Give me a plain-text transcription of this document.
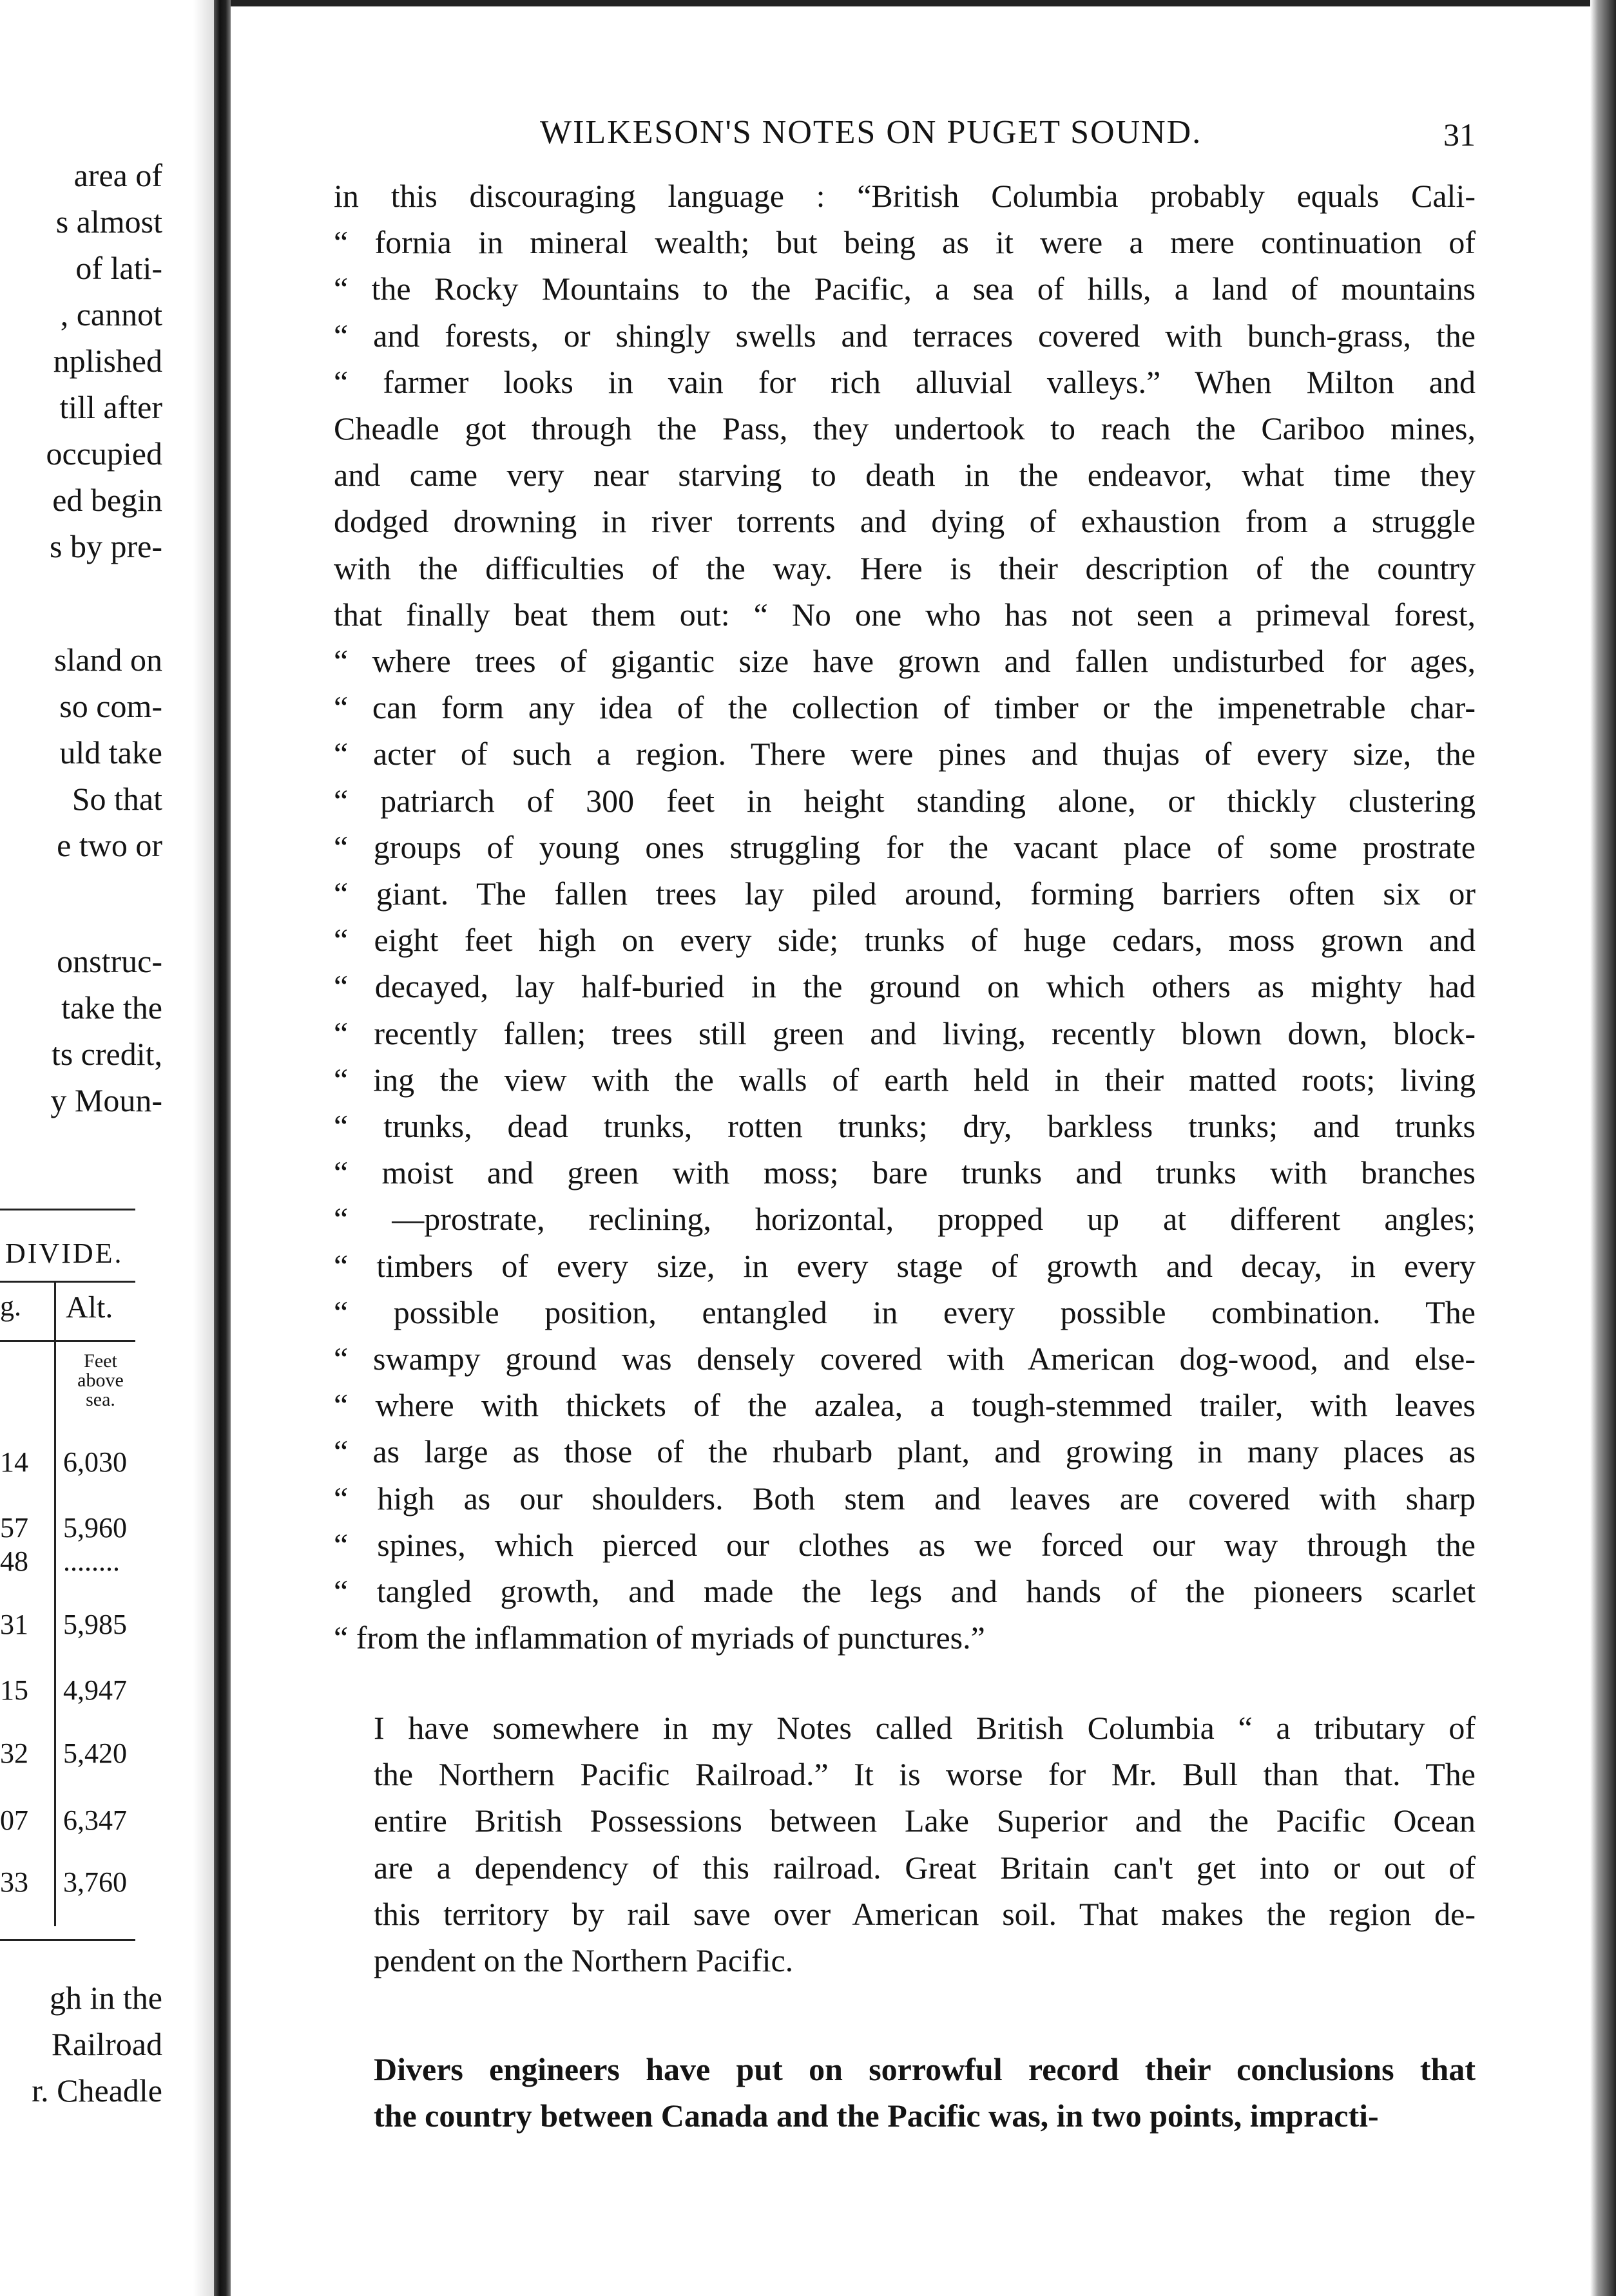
area of
s almost
of lati-
, cannot
nplished
till after
occupied
ed begin
s by pre-
sland on
so com-
uld take
So that
e two or
onstruc-
take the
ts credit,
y Moun-
DIVIDE.
g. Alt.
Feet above sea.
14 6,030
57 5,960
48 ........
31 5,985
15 4,947
32 5,420
07 6,347
33 3,760
gh in the
Railroad
r. Cheadle
WILKESON'S NOTES ON PUGET SOUND.	31
in this discouraging language : “British Columbia probably equals Cali-
“ fornia in mineral wealth; but being as it were a mere continuation of
“ the Rocky Mountains to the Pacific, a sea of hills, a land of mountains
“ and forests, or shingly swells and terraces covered with bunch-grass, the
“ farmer looks in vain for rich alluvial valleys.” When Milton and
Cheadle got through the Pass, they undertook to reach the Cariboo mines,
and came very near starving to death in the endeavor, what time they
dodged drowning in river torrents and dying of exhaustion from a struggle
with the difficulties of the way. Here is their description of the country
that finally beat them out: “ No one who has not seen a primeval forest,
“ where trees of gigantic size have grown and fallen undisturbed for ages,
“ can form any idea of the collection of timber or the impenetrable char-
“ acter of such a region. There were pines and thujas of every size, the
“ patriarch of 300 feet in height standing alone, or thickly clustering
“ groups of young ones struggling for the vacant place of some prostrate
“ giant. The fallen trees lay piled around, forming barriers often six or
“ eight feet high on every side; trunks of huge cedars, moss grown and
“ decayed, lay half-buried in the ground on which others as mighty had
“ recently fallen; trees still green and living, recently blown down, block-
“ ing the view with the walls of earth held in their matted roots; living
“ trunks, dead trunks, rotten trunks; dry, barkless trunks; and trunks
“ moist and green with moss; bare trunks and trunks with branches
“ —prostrate, reclining, horizontal, propped up at different angles;
“ timbers of every size, in every stage of growth and decay, in every
“ possible position, entangled in every possible combination. The
“ swampy ground was densely covered with American dog-wood, and else-
“ where with thickets of the azalea, a tough-stemmed trailer, with leaves
“ as large as those of the rhubarb plant, and growing in many places as
“ high as our shoulders. Both stem and leaves are covered with sharp
“ spines, which pierced our clothes as we forced our way through the
“ tangled growth, and made the legs and hands of the pioneers scarlet
“ from the inflammation of myriads of punctures.”
I have somewhere in my Notes called British Columbia “ a tributary of
the Northern Pacific Railroad.” It is worse for Mr. Bull than that. The
entire British Possessions between Lake Superior and the Pacific Ocean
are a dependency of this railroad. Great Britain can't get into or out of
this territory by rail save over American soil. That makes the region de-
pendent on the Northern Pacific.
Divers engineers have put on sorrowful record their conclusions that
the country between Canada and the Pacific was, in two points, impracti-
